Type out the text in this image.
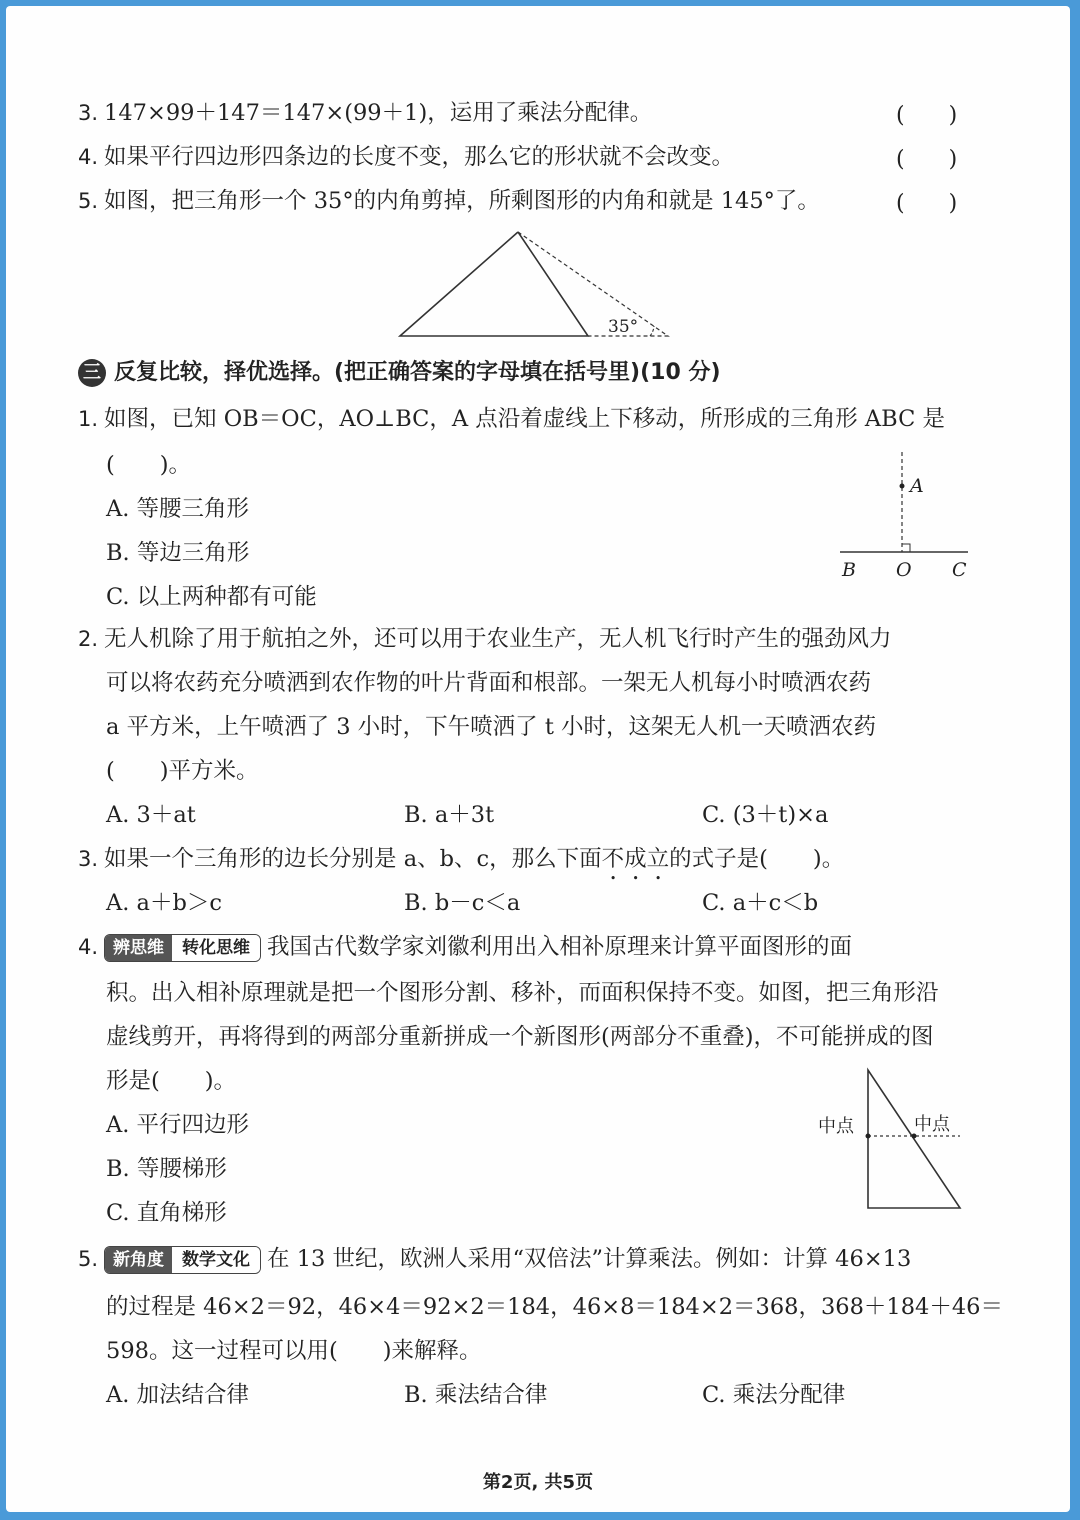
3. 147×99＋147＝147×(99＋1)，运用了乘法分配律。	(　　)
4. 如果平行四边形四条边的长度不变，那么它的形状就不会改变。	(　　)
5. 如图，把三角形一个 35°的内角剪掉，所剩图形的内角和就是 145°了。	(　　)
35°
三 反复比较，择优选择。(把正确答案的字母填在括号里)(10 分)
1. 如图，已知 OB＝OC，AO⊥BC，A 点沿着虚线上下移动，所形成的三角形 ABC 是
(　　)。
A. 等腰三角形
B. 等边三角形
C. 以上两种都有可能
A
B O C
2. 无人机除了用于航拍之外，还可以用于农业生产，无人机飞行时产生的强劲风力
可以将农药充分喷洒到农作物的叶片背面和根部。一架无人机每小时喷洒农药
a 平方米，上午喷洒了 3 小时，下午喷洒了 t 小时，这架无人机一天喷洒农药
(　　)平方米。
A. 3＋at	B. a＋3t	C. (3＋t)×a
3. 如果一个三角形的边长分别是 a、b、c，那么下面不成立的式子是(　　)。
A. a＋b＞c	B. b－c＜a	C. a＋c＜b
4. 辨思维	转化思维 我国古代数学家刘徽利用出入相补原理来计算平面图形的面
积。出入相补原理就是把一个图形分割、移补，而面积保持不变。如图，把三角形沿
虚线剪开，再将得到的两部分重新拼成一个新图形(两部分不重叠)，不可能拼成的图
形是(　　)。
A. 平行四边形
B. 等腰梯形
C. 直角梯形
中点	中点
5. 新角度	数学文化 在 13 世纪，欧洲人采用“双倍法”计算乘法。例如：计算 46×13
的过程是 46×2＝92，46×4＝92×2＝184，46×8＝184×2＝368，368＋184＋46＝
598。这一过程可以用(　　)来解释。
A. 加法结合律	B. 乘法结合律	C. 乘法分配律
第2页, 共5页
